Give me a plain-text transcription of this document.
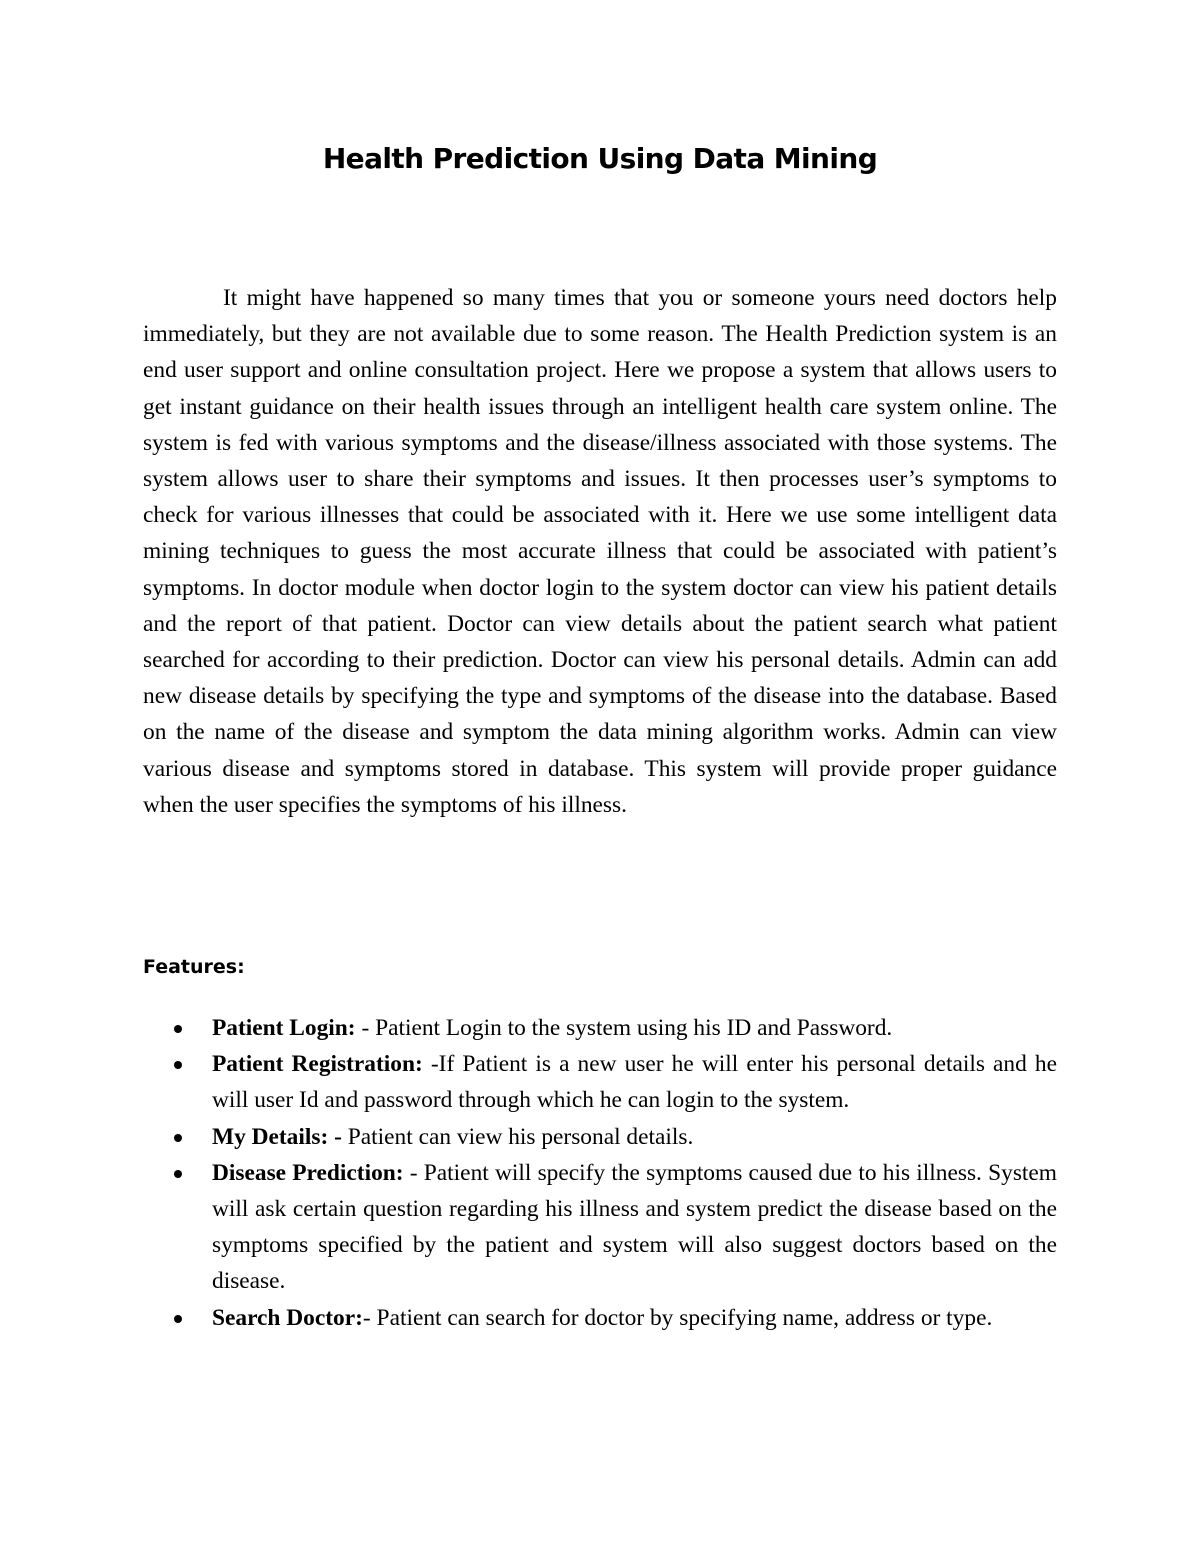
Health Prediction Using Data Mining

It might have happened so many times that you or someone yours need doctors help immediately, but they are not available due to some reason. The Health Prediction system is an end user support and online consultation project. Here we propose a system that allows users to get instant guidance on their health issues through an intelligent health care system online. The system is fed with various symptoms and the disease/illness associated with those systems. The system allows user to share their symptoms and issues. It then processes user’s symptoms to check for various illnesses that could be associated with it. Here we use some intelligent data mining techniques to guess the most accurate illness that could be associated with patient’s symptoms. In doctor module when doctor login to the system doctor can view his patient details and the report of that patient. Doctor can view details about the patient search what patient searched for according to their prediction. Doctor can view his personal details. Admin can add new disease details by specifying the type and symptoms of the disease into the database. Based on the name of the disease and symptom the data mining algorithm works. Admin can view various disease and symptoms stored in database. This system will provide proper guidance when the user specifies the symptoms of his illness.

Features:
Patient Login: - Patient Login to the system using his ID and Password.
Patient Registration: -If Patient is a new user he will enter his personal details and he will user Id and password through which he can login to the system.
My Details: - Patient can view his personal details.
Disease Prediction: - Patient will specify the symptoms caused due to his illness. System will ask certain question regarding his illness and system predict the disease based on the symptoms specified by the patient and system will also suggest doctors based on the disease.
Search Doctor:- Patient can search for doctor by specifying name, address or type.
